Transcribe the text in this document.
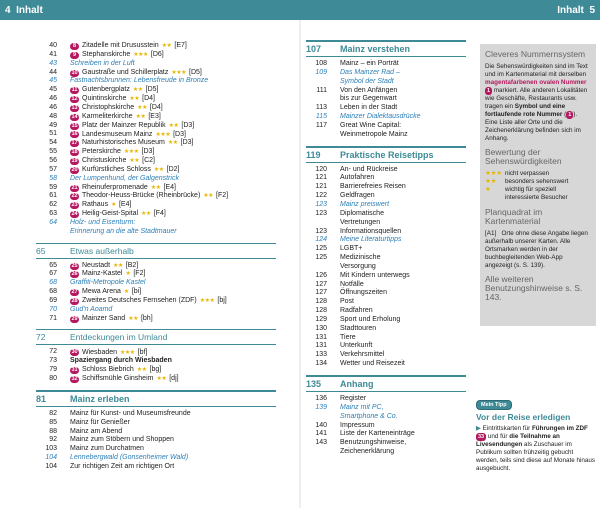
4 Inhalt	Inhalt 5
40	8 Zitadelle mit Drususstein ★★ [E7]
41	9 Stephanskirche ★★★ [D6]
43	Schreiben in der Luft
44	10 Gaustraße und Schillerplatz ★★★ [D5]
45	Fastnachtsbrunnen: Lebensfreude in Bronze
45	11 Gutenbergplatz ★★ [D5]
46	12 Quintinskirche ★★ [D4]
46	13 Christophskirche ★★ [D4]
48	14 Karmeliterkirche ★★ [E3]
49	15 Platz der Mainzer Republik ★★ [D3]
51	16 Landesmuseum Mainz ★★★ [D3]
54	17 Naturhistorisches Museum ★★ [D3]
55	18 Peterskirche ★★★ [D3]
56	19 Christuskirche ★★ [C2]
57	20 Kurfürstliches Schloss ★★ [D2]
58	Der Lumpenhund, der Galgenstrick
59	21 Rheinuferpromenade ★★ [E4]
61	22 Theodor-Heuss-Brücke (Rheinbrücke) ★★ [F2]
62	23 Rathaus ★ [E4]
63	24 Heilig-Geist-Spital ★★ [F4]
64	Holz- und Eisenturm:
Erinnerung an die alte Stadtmauer
65	Etwas außerhalb
65	25 Neustadt ★★ [B2]
67	26 Mainz-Kastel ★ [F2]
68	Graffiti-Metropole Kastel
68	27 Mewa Arena ★ [bi]
69	28 Zweites Deutsches Fernsehen (ZDF) ★★★ [bj]
70	Gud'n Aoamd
71	29 Mainzer Sand ★★ [bh]
72	Entdeckungen im Umland
72	30 Wiesbaden ★★★ [bf]
73	Spaziergang durch Wiesbaden
79	31 Schloss Biebrich ★★ [bg]
80	32 Schiffsmühle Ginsheim ★★ [dj]
81	Mainz erleben
82	Mainz für Kunst- und Museumsfreunde
85	Mainz für Genießer
88	Mainz am Abend
92	Mainz zum Stöbern und Shoppen
103	Mainz zum Durchatmen
104	Lennebergwald (Gonsenheimer Wald)
104	Zur richtigen Zeit am richtigen Ort
107	Mainz verstehen
108	Mainz – ein Porträt
109	Das Mainzer Rad –
Symbol der Stadt
111	Von den Anfängen
bis zur Gegenwart
113	Leben in der Stadt
115	Mainzer Dialektausdrücke
117	Great Wine Capital:
Weinmetropole Mainz
119	Praktische Reisetipps
120	An- und Rückreise
121	Autofahren
121	Barrierefreies Reisen
122	Geldfragen
123	Mainz preiswert
123	Diplomatische
Vertretungen
123	Informationsquellen
124	Meine Literaturtipps
125	LGBT+
125	Medizinische
Versorgung
126	Mit Kindern unterwegs
127	Notfälle
127	Öffnungszeiten
128	Post
128	Radfahren
129	Sport und Erholung
130	Stadttouren
131	Tiere
131	Unterkunft
133	Verkehrsmittel
134	Wetter und Reisezeit
135	Anhang
136	Register
139	Mainz mit PC,
Smartphone & Co.
140	Impressum
141	Liste der Karteneinträge
143	Benutzungshinweise,
Zeichenerklärung
Cleveres Nummernsystem

Die Sehenswürdigkeiten sind im Text und im Kartenmaterial mit derselben magentafarbenen ovalen Nummer 1 markiert. Alle anderen Lokalitäten wie Geschäfte, Restaurants usw. tragen ein Symbol und eine fortlaufende rote Nummer ( 1 ). Eine Liste aller Orte und die Zeichenerklärung befinden sich im Anhang.

Bewertung der Sehenswürdigkeiten
★★★ nicht verpassen
★★	besonders sehenswert
★	wichtig für speziell
interessierte Besucher
Planquadrat im Kartenmaterial

[A1] Orte ohne diese Angabe liegen außerhalb unserer Karten. Alle Ortsmarken werden in der buchbegleitenden Web-App angezeigt (s. S. 139).

Alle weiteren Benutzungshinweise s. S. 143.
Mein Tipp
Vor der Reise erledigen

▶ Eintrittskarten für Führungen im ZDF 33 und für die Teilnahme an Livesendungen als Zuschauer im Publikum sollten frühzeitig gebucht werden, teils sind diese auf Monate hinaus ausgebucht.
